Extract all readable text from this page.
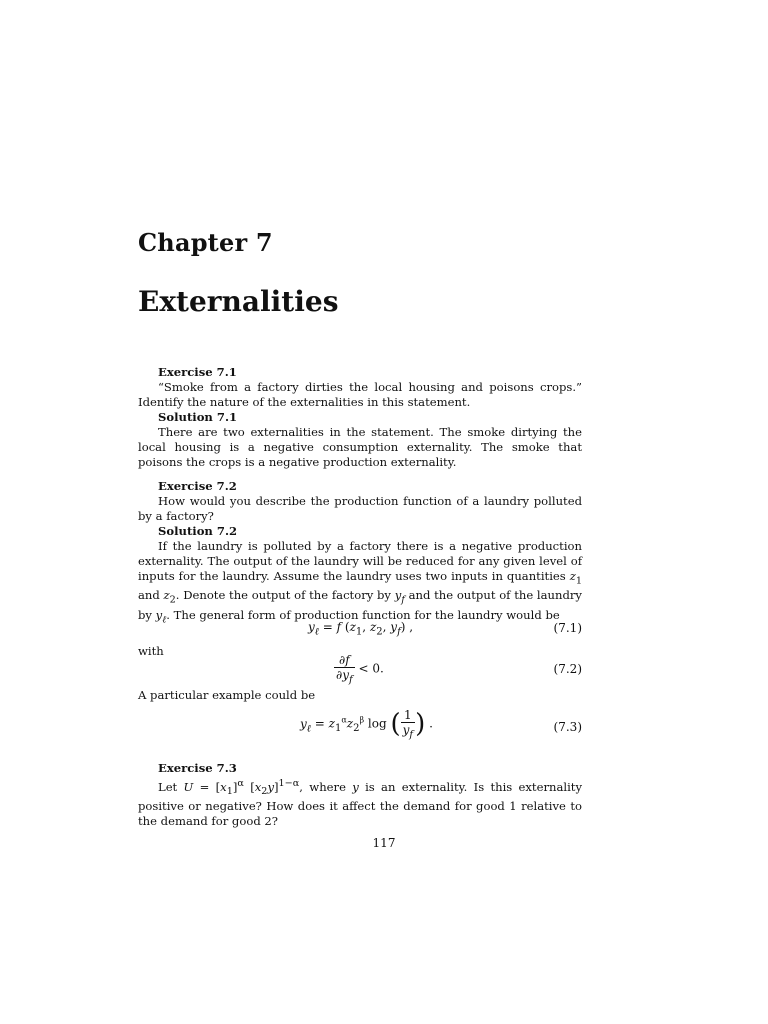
Chapter 7
Externalities
Exercise 7.1
“Smoke from a factory dirties the local housing and poisons crops.” Identify the nature of the externalities in this statement.
Solution 7.1
There are two externalities in the statement. The smoke dirtying the local housing is a negative consumption externality. The smoke that poisons the crops is a negative production externality.
Exercise 7.2
How would you describe the production function of a laundry polluted by a factory?
Solution 7.2
If the laundry is polluted by a factory there is a negative production externality. The output of the laundry will be reduced for any given level of inputs for the laundry. Assume the laundry uses two inputs in quantities $z_1$ and $z_2$. Denote the output of the factory by $y_f$ and the output of the laundry by $y_\ell$. The general form of production function for the laundry would be
$y_\ell = f$ ($z_1$, $z_2$, $y_f$) ,	(7.1)
with
$\frac{\partial f}{\partial y_f} < 0$.	(7.2)
A particular example could be
$y_\ell = z_1^\alpha z_2^\beta$ log ( $\frac{1}{y_f}$ ) .	(7.3)
Exercise 7.3
Let $U = [x_1]^\alpha$ $[x_2y]^{1-\alpha}$, where y is an externality. Is this externality positive or negative? How does it affect the demand for good 1 relative to the demand for good 2?
117
